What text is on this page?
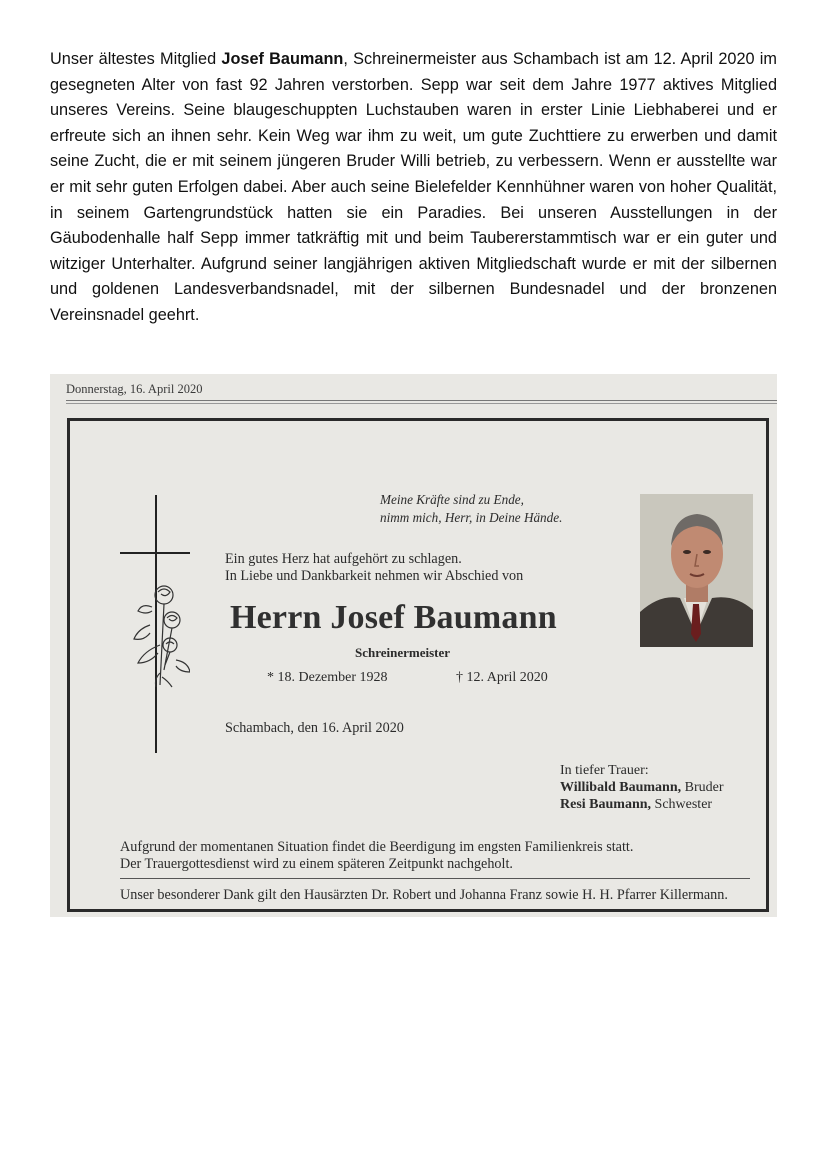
Unser ältestes Mitglied Josef Baumann, Schreinermeister aus Schambach ist am 12. April 2020 im gesegneten Alter von fast 92 Jahren verstorben. Sepp war seit dem Jahre 1977 aktives Mitglied unseres Vereins. Seine blaugeschuppten Luchstauben waren in erster Linie Liebhaberei und er erfreute sich an ihnen sehr. Kein Weg war ihm zu weit, um gute Zuchttiere zu erwerben und damit seine Zucht, die er mit seinem jüngeren Bruder Willi betrieb, zu verbessern. Wenn er ausstellte war er mit sehr guten Erfolgen dabei. Aber auch seine Bielefelder Kennhühner waren von hoher Qualität, in seinem Gartengrundstück hatten sie ein Paradies. Bei unseren Ausstellungen in der Gäubodenhalle half Sepp immer tatkräftig mit und beim Taubererstammtisch war er ein guter und witziger Unterhalter. Aufgrund seiner langjährigen aktiven Mitgliedschaft wurde er mit der silbernen und goldenen Landesverbandsnadel, mit der silbernen Bundesnadel und der bronzenen Vereinsnadel geehrt.

Donnerstag, 16. April 2020
Meine Kräfte sind zu Ende,
nimm mich, Herr, in Deine Hände.
Ein gutes Herz hat aufgehört zu schlagen.
In Liebe und Dankbarkeit nehmen wir Abschied von
Herrn Josef Baumann
Schreinermeister
* 18. Dezember 1928	† 12. April 2020
Schambach, den 16. April 2020
In tiefer Trauer:
Willibald Baumann, Bruder
Resi Baumann, Schwester
Aufgrund der momentanen Situation findet die Beerdigung im engsten Familienkreis statt.
Der Trauergottesdienst wird zu einem späteren Zeitpunkt nachgeholt.
Unser besonderer Dank gilt den Hausärzten Dr. Robert und Johanna Franz sowie H. H. Pfarrer Killermann.
